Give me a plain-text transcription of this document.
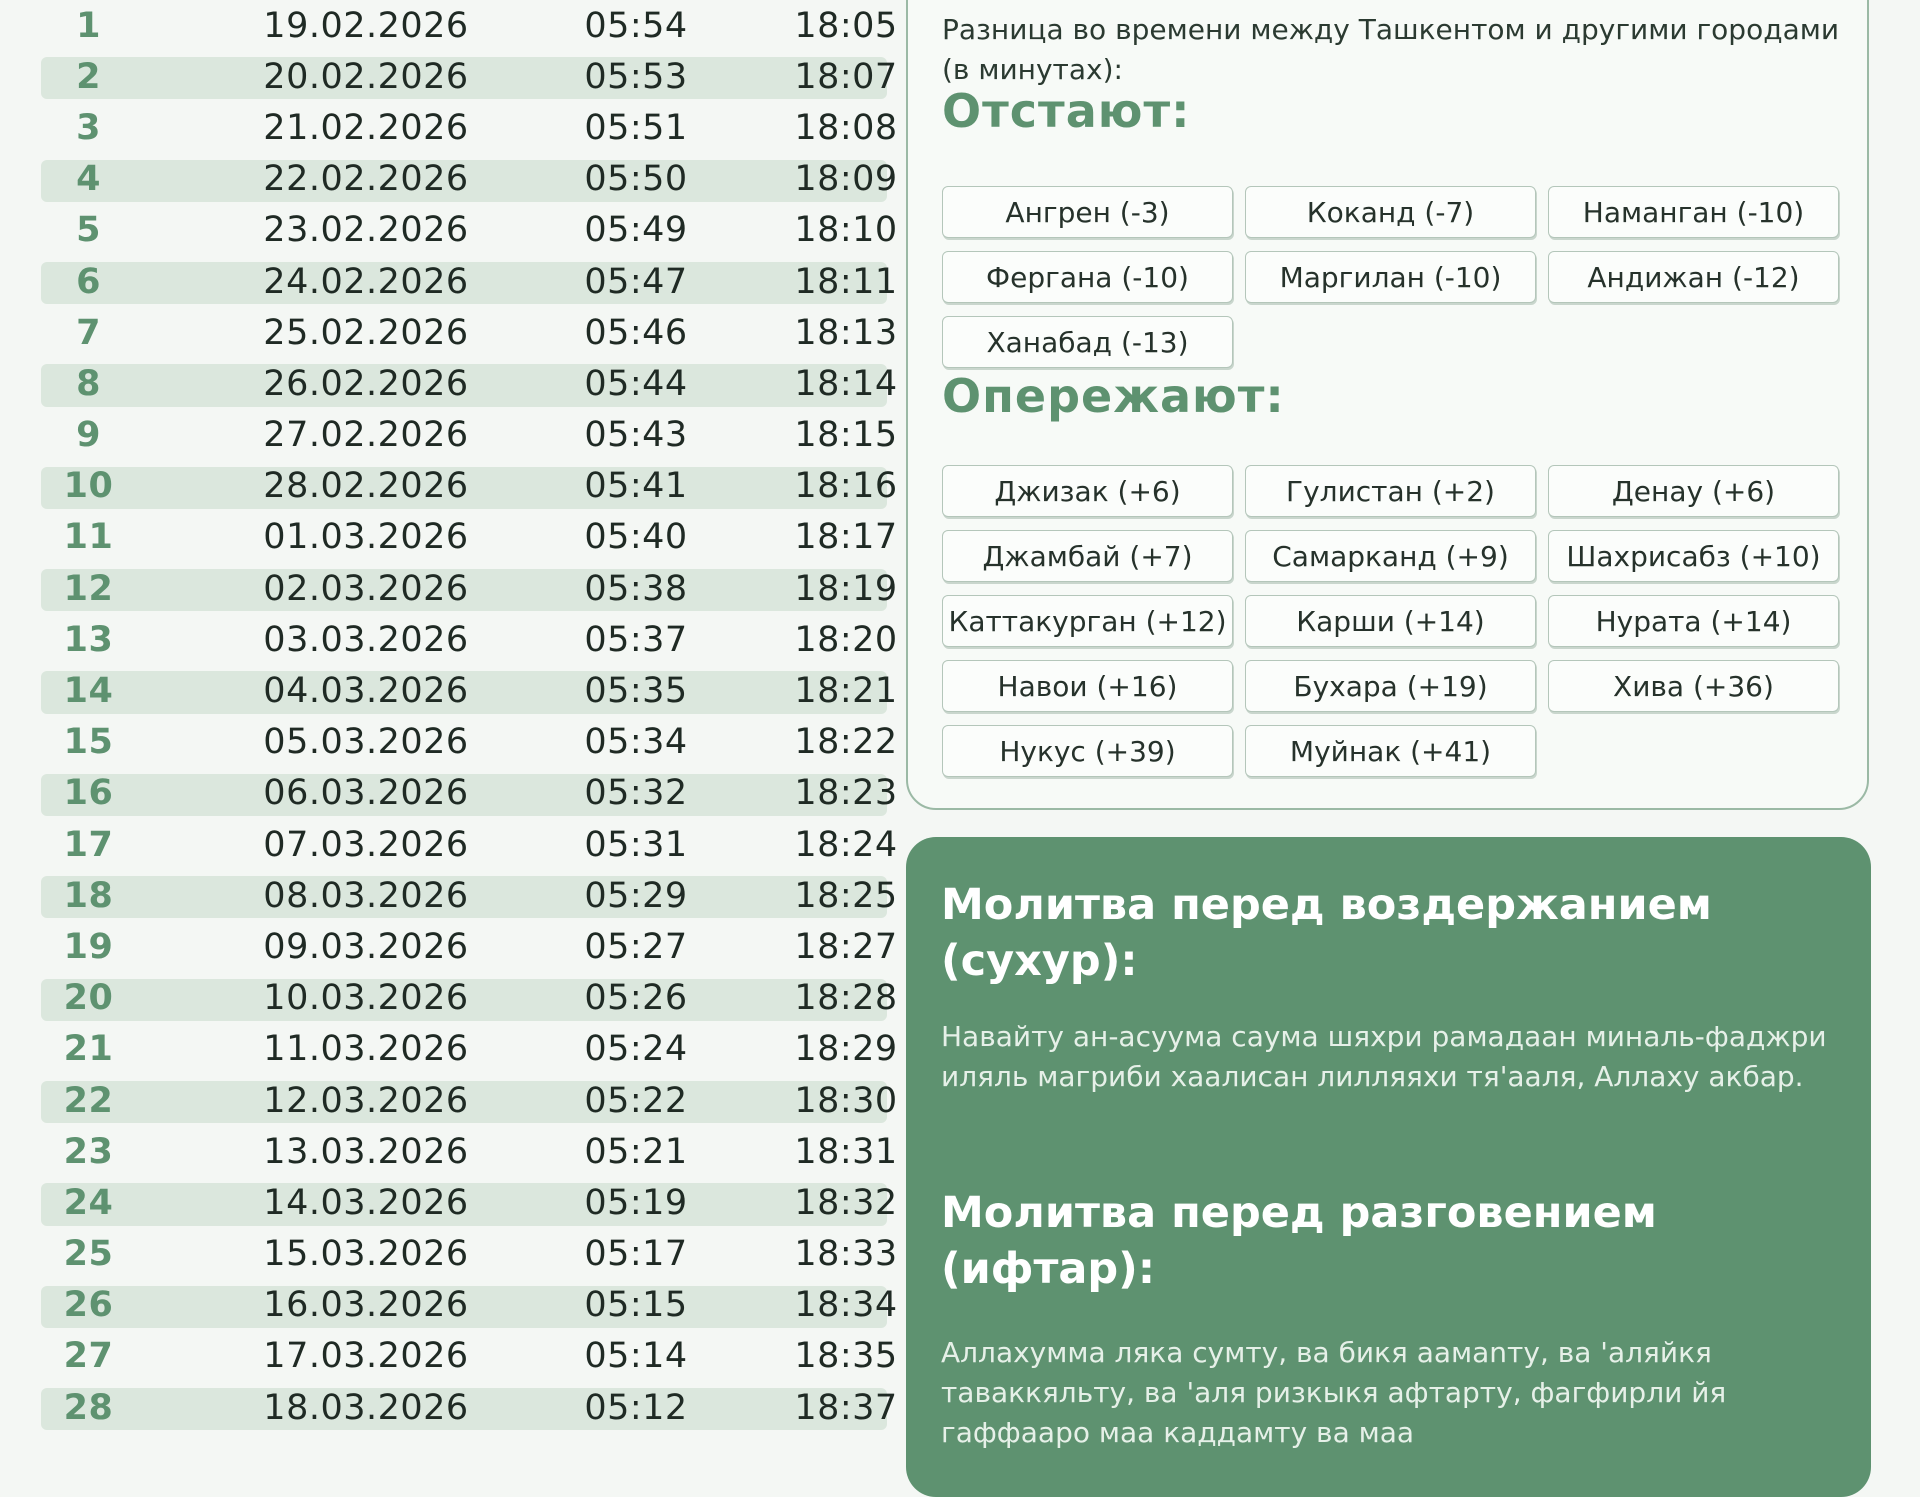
1	19.02.2026	05:54	18:05
2	20.02.2026	05:53	18:07
3	21.02.2026	05:51	18:08
4	22.02.2026	05:50	18:09
5	23.02.2026	05:49	18:10
6	24.02.2026	05:47	18:11
7	25.02.2026	05:46	18:13
8	26.02.2026	05:44	18:14
9	27.02.2026	05:43	18:15
10	28.02.2026	05:41	18:16
11	01.03.2026	05:40	18:17
12	02.03.2026	05:38	18:19
13	03.03.2026	05:37	18:20
14	04.03.2026	05:35	18:21
15	05.03.2026	05:34	18:22
16	06.03.2026	05:32	18:23
17	07.03.2026	05:31	18:24
18	08.03.2026	05:29	18:25
19	09.03.2026	05:27	18:27
20	10.03.2026	05:26	18:28
21	11.03.2026	05:24	18:29
22	12.03.2026	05:22	18:30
23	13.03.2026	05:21	18:31
24	14.03.2026	05:19	18:32
25	15.03.2026	05:17	18:33
26	16.03.2026	05:15	18:34
27	17.03.2026	05:14	18:35
28	18.03.2026	05:12	18:37
Разница во времени между Ташкентом и другими городами (в минутах):
Отстают:
Ангрен (-3)	Коканд (-7)	Наманган (-10)
Фергана (-10)	Маргилан (-10)	Андижан (-12)
Ханабад (-13)
Опережают:
Джизак (+6)	Гулистан (+2)	Денау (+6)
Джамбай (+7)	Самарканд (+9)	Шахрисабз (+10)
Каттакурган (+12)	Карши (+14)	Нурата (+14)
Навои (+16)	Бухара (+19)	Хива (+36)
Нукус (+39)	Муйнак (+41)
Молитва перед воздержанием (сухур):
Навайту ан-асуума саума шяхри рамадаан миналь-фаджри иляль магриби хаалисан лилляяхи тя'ааля, Аллаху акбар.
Молитва перед разговением (ифтар):
Аллахумма ляка сумту, ва бикя аамanту, ва 'аляйкя таваккяльту, ва 'аля ризкыкя афтарту, фагфирли йя гаффааро маа каддамту ва маа
